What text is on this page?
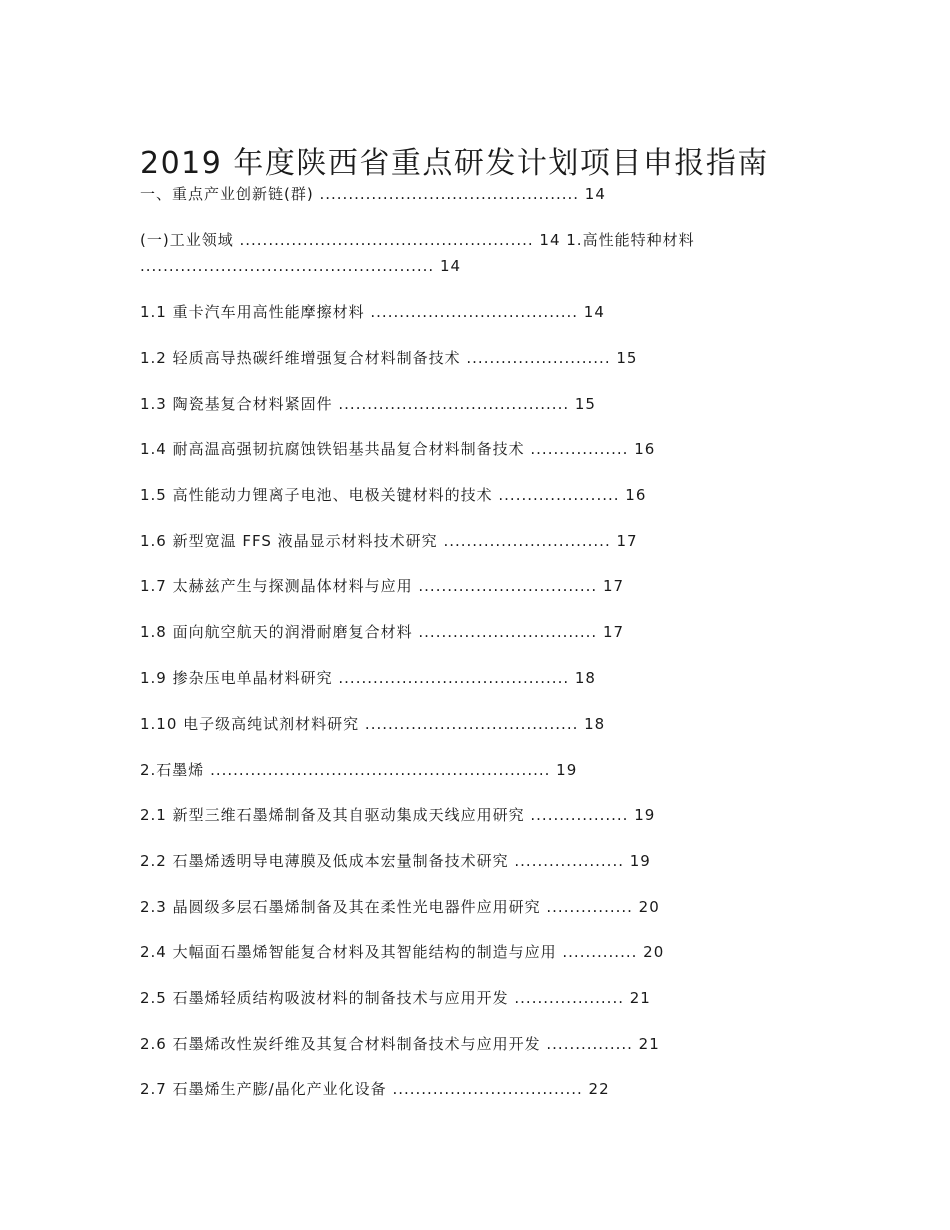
2019 年度陕西省重点研发计划项目申报指南
一、重点产业创新链(群) ............................................. 14
(一)工业领域 ................................................... 14 1.高性能特种材料
................................................... 14
1.1 重卡汽车用高性能摩擦材料 .................................... 14
1.2 轻质高导热碳纤维增强复合材料制备技术 ......................... 15
1.3 陶瓷基复合材料紧固件 ........................................ 15
1.4 耐高温高强韧抗腐蚀铁铝基共晶复合材料制备技术 ................. 16
1.5 高性能动力锂离子电池、电极关键材料的技术 ..................... 16
1.6 新型宽温 FFS 液晶显示材料技术研究 ............................. 17
1.7 太赫兹产生与探测晶体材料与应用 ............................... 17
1.8 面向航空航天的润滑耐磨复合材料 ............................... 17
1.9 掺杂压电单晶材料研究 ........................................ 18
1.10 电子级高纯试剂材料研究 ..................................... 18
2.石墨烯 ........................................................... 19
2.1 新型三维石墨烯制备及其自驱动集成天线应用研究 ................. 19
2.2 石墨烯透明导电薄膜及低成本宏量制备技术研究 ................... 19
2.3 晶圆级多层石墨烯制备及其在柔性光电器件应用研究 ............... 20
2.4 大幅面石墨烯智能复合材料及其智能结构的制造与应用 ............. 20
2.5 石墨烯轻质结构吸波材料的制备技术与应用开发 ................... 21
2.6 石墨烯改性炭纤维及其复合材料制备技术与应用开发 ............... 21
2.7 石墨烯生产膨/晶化产业化设备 ................................. 22
